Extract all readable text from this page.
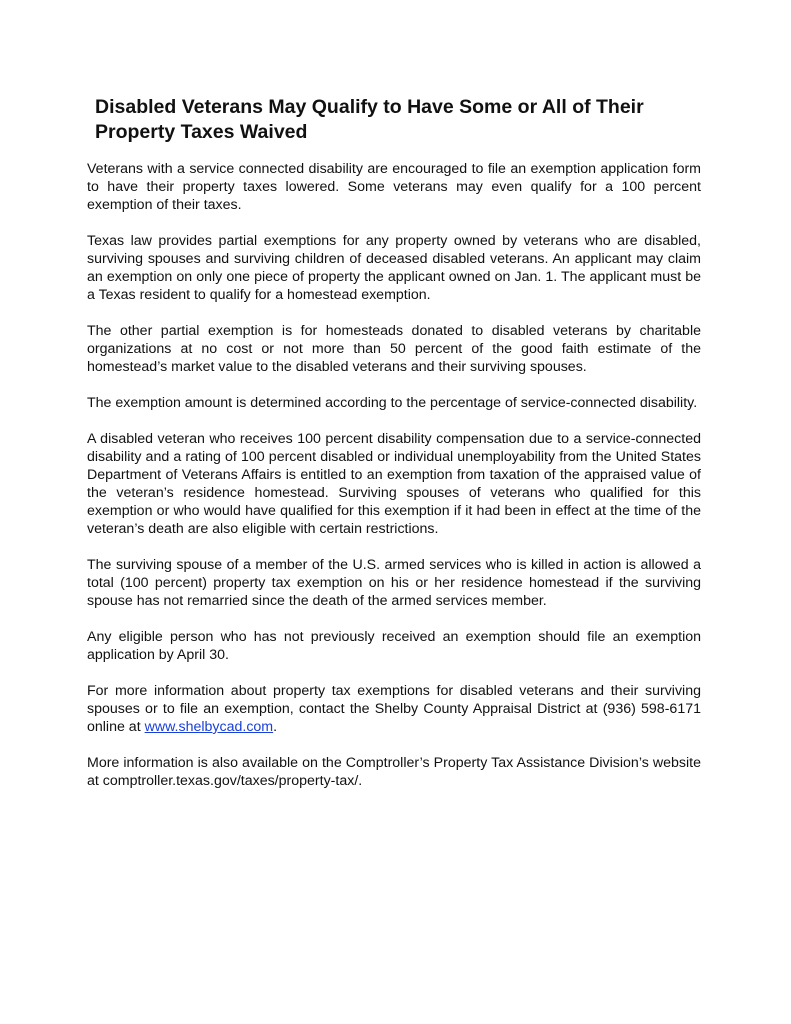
Disabled Veterans May Qualify to Have Some or All of Their
Property Taxes Waived

Veterans with a service connected disability are encouraged to file an exemption application form to have their property taxes lowered. Some veterans may even qualify for a 100 percent exemption of their taxes.

Texas law provides partial exemptions for any property owned by veterans who are disabled, surviving spouses and surviving children of deceased disabled veterans. An applicant may claim an exemption on only one piece of property the applicant owned on Jan. 1. The applicant must be a Texas resident to qualify for a homestead exemption.

The other partial exemption is for homesteads donated to disabled veterans by charitable organizations at no cost or not more than 50 percent of the good faith estimate of the homestead’s market value to the disabled veterans and their surviving spouses.

The exemption amount is determined according to the percentage of service-connected disability.

A disabled veteran who receives 100 percent disability compensation due to a service-connected disability and a rating of 100 percent disabled or individual unemployability from the United States Department of Veterans Affairs is entitled to an exemption from taxation of the appraised value of the veteran’s residence homestead. Surviving spouses of veterans who qualified for this exemption or who would have qualified for this exemption if it had been in effect at the time of the veteran’s death are also eligible with certain restrictions.

The surviving spouse of a member of the U.S. armed services who is killed in action is allowed a total (100 percent) property tax exemption on his or her residence homestead if the surviving spouse has not remarried since the death of the armed services member.

Any eligible person who has not previously received an exemption should file an exemption application by April 30.

For more information about property tax exemptions for disabled veterans and their surviving spouses or to file an exemption, contact the Shelby County Appraisal District at (936) 598-6171 online at www.shelbycad.com.

More information is also available on the Comptroller’s Property Tax Assistance Division’s website at comptroller.texas.gov/taxes/property-tax/.
